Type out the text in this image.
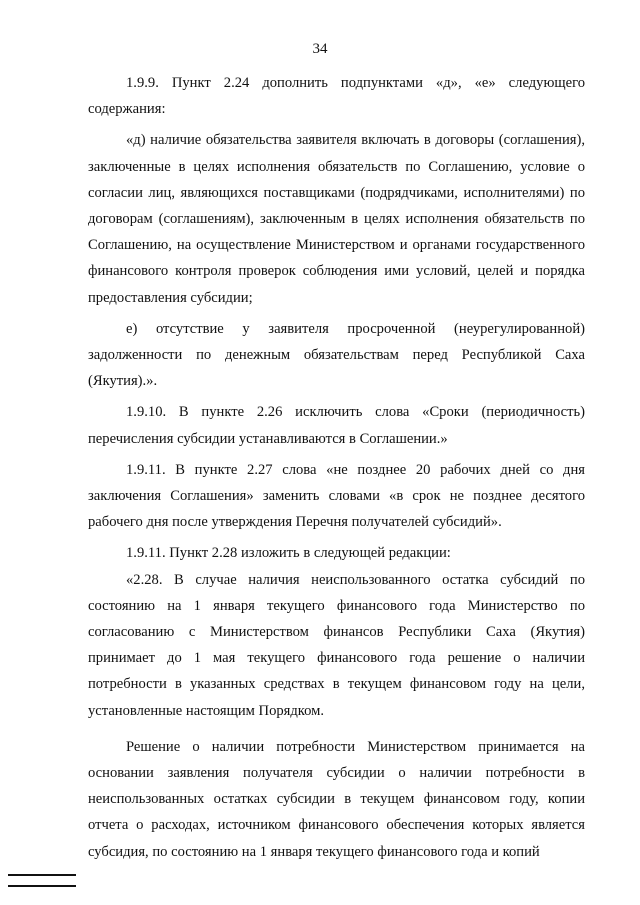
34

1.9.9. Пункт 2.24 дополнить подпунктами «д», «е» следующего содержания:

«д) наличие обязательства заявителя включать в договоры (соглашения), заключенные в целях исполнения обязательств по Соглашению, условие о согласии лиц, являющихся поставщиками (подрядчиками, исполнителями) по договорам (соглашениям), заключенным в целях исполнения обязательств по Соглашению, на осуществление Министерством и органами государственного финансового контроля проверок соблюдения ими условий, целей и порядка предоставления субсидии;

е) отсутствие у заявителя просроченной (неурегулированной) задолженности по денежным обязательствам перед Республикой Саха (Якутия).».

1.9.10. В пункте 2.26 исключить слова «Сроки (периодичность) перечисления субсидии устанавливаются в Соглашении.»

1.9.11. В пункте 2.27 слова «не позднее 20 рабочих дней со дня заключения Соглашения» заменить словами «в срок не позднее десятого рабочего дня после утверждения Перечня получателей субсидий».

1.9.11. Пункт 2.28 изложить в следующей редакции:

«2.28. В случае наличия неиспользованного остатка субсидий по состоянию на 1 января текущего финансового года Министерство по согласованию с Министерством финансов Республики Саха (Якутия) принимает до 1 мая текущего финансового года решение о наличии потребности в указанных средствах в текущем финансовом году на цели, установленные настоящим Порядком.

Решение о наличии потребности Министерством принимается на основании заявления получателя субсидии о наличии потребности в неиспользованных остатках субсидии в текущем финансовом году, копии отчета о расходах, источником финансового обеспечения которых является субсидия, по состоянию на 1 января текущего финансового года и копий
